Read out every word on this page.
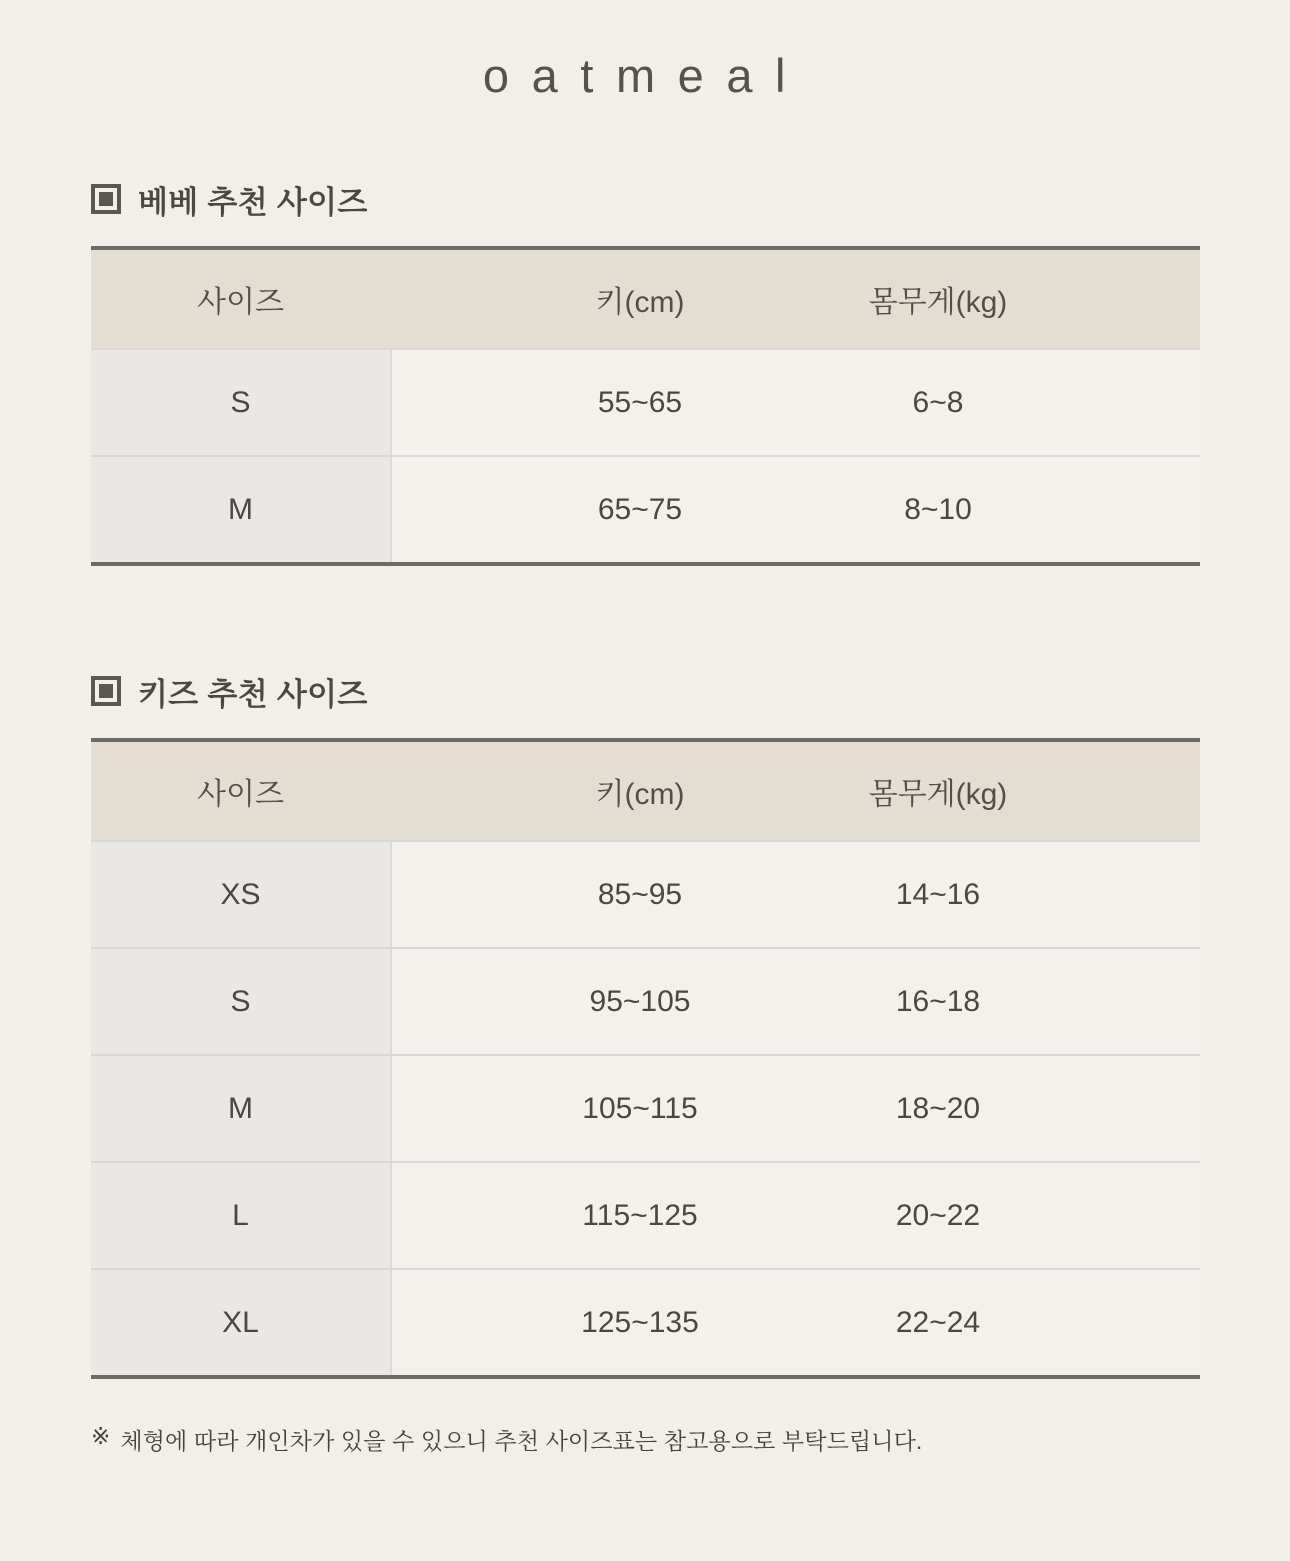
oatmeal
베베 추천 사이즈
사이즈	키(cm)	몸무게(kg)
S	55~65	6~8
M	65~75	8~10
키즈 추천 사이즈
사이즈	키(cm)	몸무게(kg)
XS	85~95	14~16
S	95~105	16~18
M	105~115	18~20
L	115~125	20~22
XL	125~135	22~24
※ 체형에 따라 개인차가 있을 수 있으니 추천 사이즈표는 참고용으로 부탁드립니다.
